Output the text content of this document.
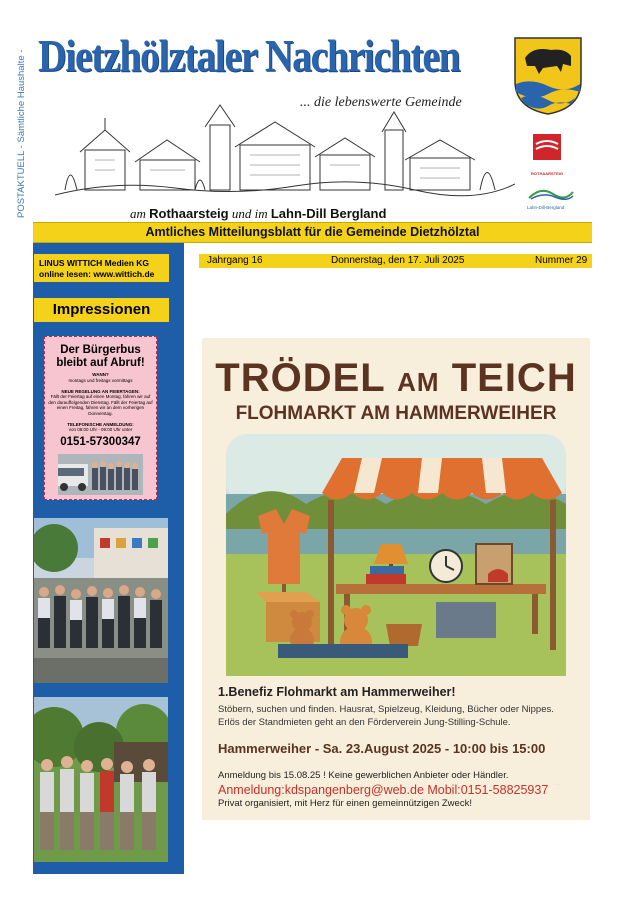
POSTAKTUELL - Sämtliche Haushalte - Dietzhölztaler Nachrichten
... die lebenswerte Gemeinde
am Rothaarsteig und im Lahn-Dill Bergland
ROTHAARSTEIG
Lahn-Dill-Bergland
Amtliches Mitteilungsblatt für die Gemeinde Dietzhölztal
LINUS WITTICH Medien KG
online lesen: www.wittich.de
Impressionen
Der Bürgerbus bleibt auf Abruf!
WANN?
montags und freitags vormittags

NEUE REGELUNG AN FEIERTAGEN:
Fällt der Feiertag auf einen Montag, fahren wir auf den darauffolgenden Dienstag. Fällt der Feiertag auf einen Freitag, fahren wir an dem vorherigen Donnerstag.

TELEFONISCHE ANMELDUNG:
von 08:00 Uhr - 09:00 Uhr unter
0151-57300347
Jahrgang 16	Donnerstag, den 17. Juli 2025	Nummer 29
TRÖDEL AM TEICH
FLOHMARKT AM HAMMERWEIHER
1.Benefiz Flohmarkt am Hammerweiher!
Stöbern, suchen und finden. Hausrat, Spielzeug, Kleidung, Bücher oder Nippes.
Erlös der Standmieten geht an den Förderverein Jung-Stilling-Schule.
Hammerweiher - Sa. 23.August 2025 - 10:00 bis 15:00
Anmeldung bis 15.08.25 ! Keine gewerblichen Anbieter oder Händler.
Anmeldung:kdspangenberg@web.de Mobil:0151-58825937
Privat organisiert, mit Herz für einen gemeinnützigen Zweck!
